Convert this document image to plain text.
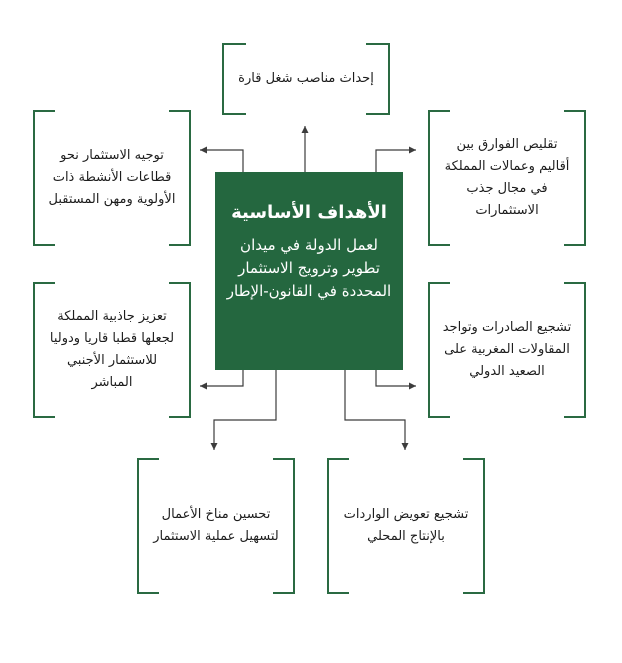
إحداث مناصب شغل قارة
توجيه الاستثمار نحو قطاعات الأنشطة ذات الأولوية ومهن المستقبل
تقليص الفوارق بين أقاليم وعمالات المملكة في مجال جذب الاستثمارات
الأهداف الأساسية
لعمل الدولة في ميدان تطوير وترويج الاستثمار المحددة في القانون-الإطار
تعزيز جاذبية المملكة لجعلها قطبا قاريا ودوليا للاستثمار الأجنبي المباشر
تشجيع الصادرات وتواجد المقاولات المغربية على الصعيد الدولي
تحسين مناخ الأعمال لتسهيل عملية الاستثمار
تشجيع تعويض الواردات بالإنتاج المحلي
